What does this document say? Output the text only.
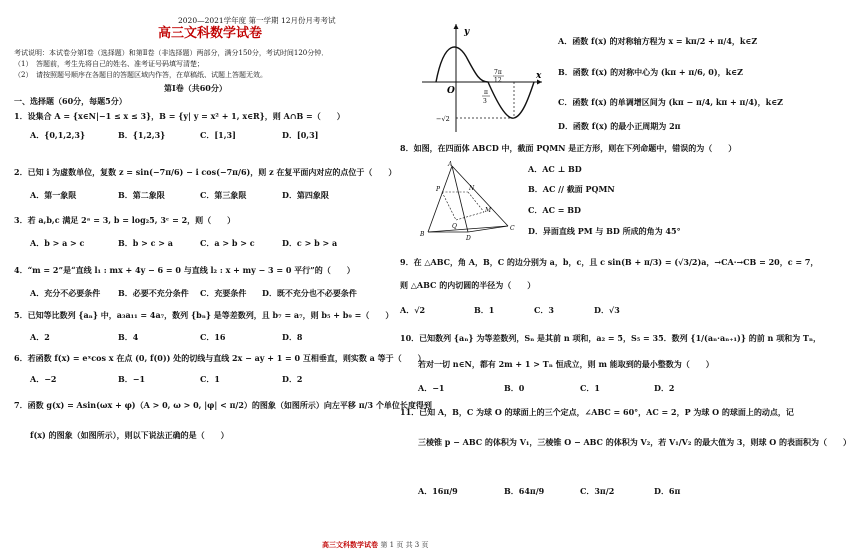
2020—2021学年度 第一学期 12月份月考考试
高三文科数学试卷
考试说明：本试卷分第Ⅰ卷（选择题）和第Ⅱ卷（非选择题）两部分，满分150分，考试时间120分钟．
（1）　答题前，考生先将自己的姓名、准考证号码填写清楚；
（2）　请按照题号顺序在各题目的答题区域内作答，在草稿纸、试题上答题无效。
第Ⅰ卷（共60分）
一、选择题（60分，每题5分）
1．设集合 A = {x∈N|−1 ≤ x ≤ 3}，B = {y| y = x² + 1, x∈R}，则 A∩B =（　　）
A．{0,1,2,3}	B．{1,2,3}	C．[1,3]	D．[0,3]
2．已知 i 为虚数单位，复数 z = sin(−7π/6) − i cos(−7π/6)，则 z 在复平面内对应的点位于（　　）
A．第一象限	B．第二象限	C．第三象限	D．第四象限
3．若 a,b,c 满足 2ᵃ = 3, b = log₂5, 3ᶜ = 2，则（　　）
A．b > a > c	B．b > c > a	C．a > b > c	D．c > b > a
4．“m = 2”是“直线 l₁ : mx + 4y − 6 = 0 与直线 l₂ : x + my − 3 = 0 平行”的（　　）
A．充分不必要条件 B．必要不充分条件 C．充要条件 D．既不充分也不必要条件
5．已知等比数列 {aₙ} 中，a₃a₁₁ = 4a₇，数列 {bₙ} 是等差数列，且 b₇ = a₇，则 b₅ + b₉ =（　　）
A．2	B．4	C．16	D．8
6．若函数 f(x) = eˣcos x 在点 (0, f(0)) 处的切线与直线 2x − ay + 1 = 0 互相垂直，则实数 a 等于（　　）
A．−2	B．−1	C．1	D．2
7．函数 g(x) = Asin(ωx + φ)（A > 0, ω > 0, |φ| < π/2）的图象（如图所示）向左平移 π/3 个单位长度得到
f(x) 的图象（如图所示），则以下说法正确的是（　　）
y
x
O
7π
12
π
3
−√2
A．函数 f(x) 的对称轴方程为 x = kπ/2 + π/4，k∈Z
B．函数 f(x) 的对称中心为 (kπ + π/6, 0)，k∈Z
C．函数 f(x) 的单调增区间为 (kπ − π/4, kπ + π/4)，k∈Z
D．函数 f(x) 的最小正周期为 2π
8．如图，在四面体 ABCD 中，截面 PQMN 是正方形，则在下列命题中，错误的为（　　）
A
B
C
D
P
Q
M
N
A．AC ⊥ BD
B．AC // 截面 PQMN
C．AC = BD
D．异面直线 PM 与 BD 所成的角为 45°
9．在 △ABC，角 A，B，C 的边分别为 a，b，c，且 c sin(B + π/3) = (√3/2)a，→CA·→CB = 20，c = 7，
则 △ABC 的内切圆的半径为（　　）
A．√2	B．1	C．3	D．√3
10．已知数列 {aₙ} 为等差数列，Sₙ 是其前 n 项和，a₂ = 5，S₅ = 35．数列 {1/(aₙ·aₙ₊₁)} 的前 n 项和为 Tₙ，
若对一切 n∈N，都有 2m + 1 > Tₙ 恒成立，则 m 能取到的最小整数为（　　）
A．−1	B．0	C．1	D．2
11．已知 A，B，C 为球 O 的球面上的三个定点，∠ABC = 60°，AC = 2，P 为球 O 的球面上的动点，记
三棱锥 p − ABC 的体积为 V₁，三棱锥 O − ABC 的体积为 V₂，若 V₁/V₂ 的最大值为 3，则球 O 的表面积为（　　）
A．16π/9	B．64π/9	C．3π/2	D．6π
高三文科数学试卷 第 1 页 共 3 页
